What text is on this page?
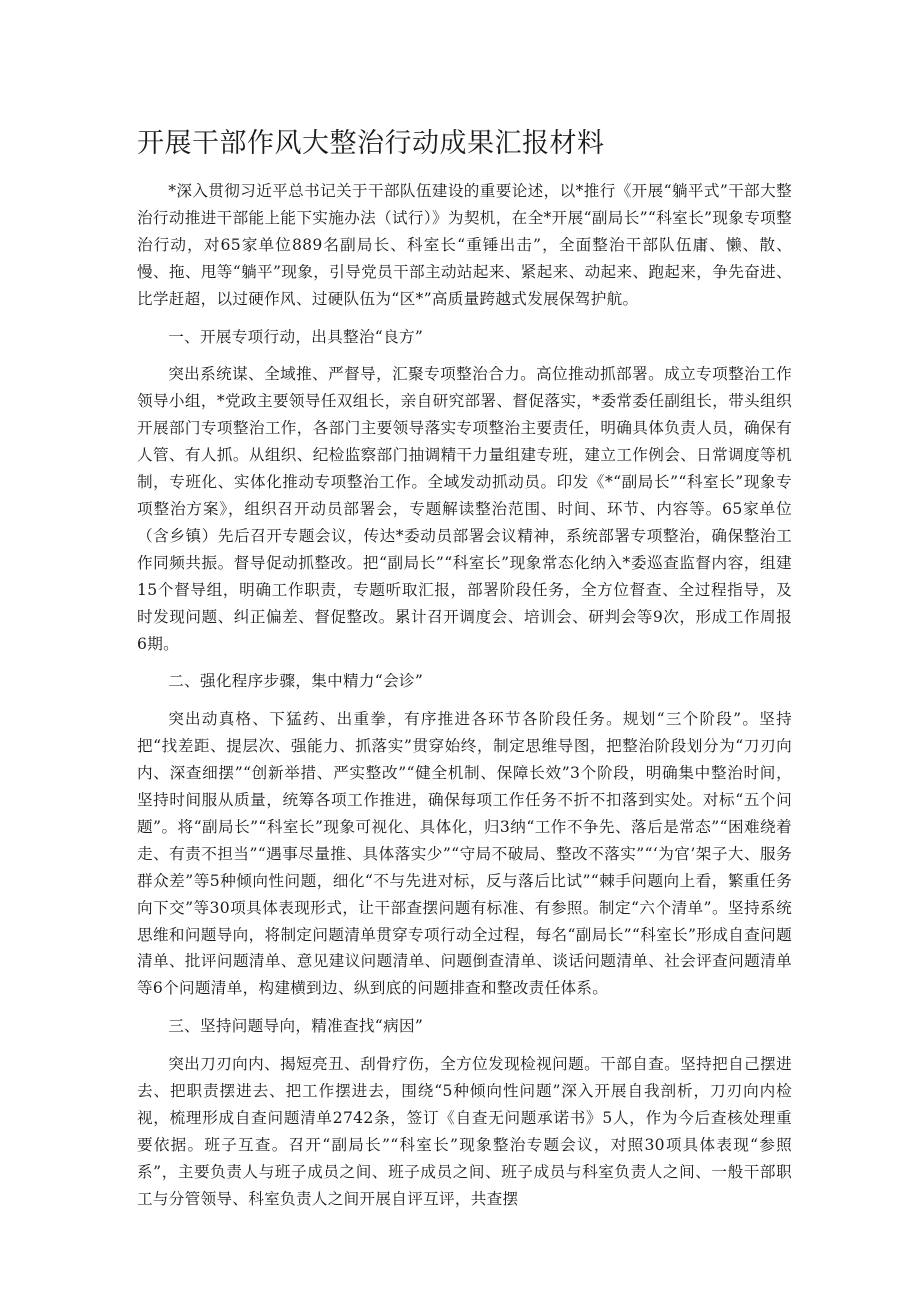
开展干部作风大整治行动成果汇报材料

*深入贯彻习近平总书记关于干部队伍建设的重要论述，以*推行《开展“躺平式”干部大整治行动推进干部能上能下实施办法（试行）》为契机，在全*开展“副局长”“科室长”现象专项整治行动，对65家单位889名副局长、科室长“重锤出击”，全面整治干部队伍庸、懒、散、慢、拖、甩等“躺平”现象，引导党员干部主动站起来、紧起来、动起来、跑起来，争先奋进、比学赶超，以过硬作风、过硬队伍为“区*”高质量跨越式发展保驾护航。

一、开展专项行动，出具整治“良方”

突出系统谋、全域推、严督导，汇聚专项整治合力。高位推动抓部署。成立专项整治工作领导小组，*党政主要领导任双组长，亲自研究部署、督促落实，*委常委任副组长，带头组织开展部门专项整治工作，各部门主要领导落实专项整治主要责任，明确具体负责人员，确保有人管、有人抓。从组织、纪检监察部门抽调精干力量组建专班，建立工作例会、日常调度等机制，专班化、实体化推动专项整治工作。全域发动抓动员。印发《*“副局长”“科室长”现象专项整治方案》，组织召开动员部署会，专题解读整治范围、时间、环节、内容等。65家单位（含乡镇）先后召开专题会议，传达*委动员部署会议精神，系统部署专项整治，确保整治工作同频共振。督导促动抓整改。把“副局长”“科室长”现象常态化纳入*委巡查监督内容，组建15个督导组，明确工作职责，专题听取汇报，部署阶段任务，全方位督查、全过程指导，及时发现问题、纠正偏差、督促整改。累计召开调度会、培训会、研判会等9次，形成工作周报6期。

二、强化程序步骤，集中精力“会诊”

突出动真格、下猛药、出重拳，有序推进各环节各阶段任务。规划“三个阶段”。坚持把“找差距、提层次、强能力、抓落实”贯穿始终，制定思维导图，把整治阶段划分为“刀刃向内、深查细摆”“创新举措、严实整改”“健全机制、保障长效”3个阶段，明确集中整治时间，坚持时间服从质量，统筹各项工作推进，确保每项工作任务不折不扣落到实处。对标“五个问题”。将“副局长”“科室长”现象可视化、具体化，归3纳“工作不争先、落后是常态”“困难绕着走、有责不担当”“遇事尽量推、具体落实少”“守局不破局、整改不落实”“‘为官’架子大、服务群众差”等5种倾向性问题，细化“不与先进对标，反与落后比试”“棘手问题向上看，繁重任务向下交”等30项具体表现形式，让干部查摆问题有标准、有参照。制定“六个清单”。坚持系统思维和问题导向，将制定问题清单贯穿专项行动全过程，每名“副局长”“科室长”形成自查问题清单、批评问题清单、意见建议问题清单、问题倒查清单、谈话问题清单、社会评查问题清单等6个问题清单，构建横到边、纵到底的问题排查和整改责任体系。

三、坚持问题导向，精准查找“病因”

突出刀刃向内、揭短亮丑、刮骨疗伤，全方位发现检视问题。干部自查。坚持把自己摆进去、把职责摆进去、把工作摆进去，围绕“5种倾向性问题”深入开展自我剖析，刀刃向内检视，梳理形成自查问题清单2742条，签订《自查无问题承诺书》5人，作为今后查核处理重要依据。班子互查。召开“副局长”“科室长”现象整治专题会议，对照30项具体表现“参照系”，主要负责人与班子成员之间、班子成员之间、班子成员与科室负责人之间、一般干部职工与分管领导、科室负责人之间开展自评互评，共查摆
